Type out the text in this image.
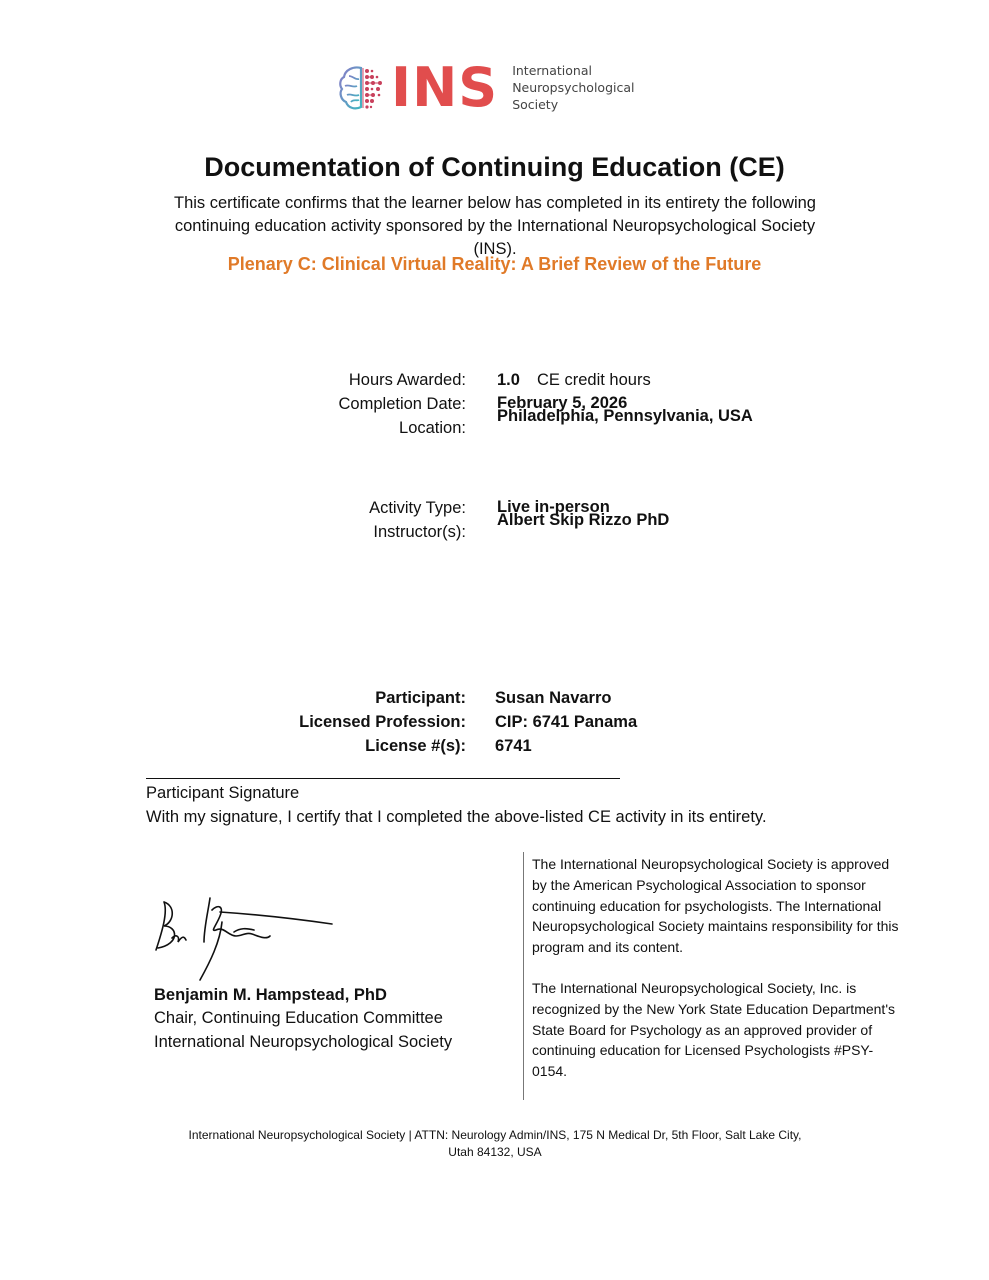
INS International
Neuropsychological
Society
Documentation of Continuing Education (CE)
This certificate confirms that the learner below has completed in its entirety the following continuing education activity sponsored by the International Neuropsychological Society (INS).
Plenary C: Clinical Virtual Reality: A Brief Review of the Future
Hours Awarded: 1.0 CE credit hours
Completion Date: February 5, 2026
Location:
Philadelphia, Pennsylvania, USA
Activity Type: Live in-person
Instructor(s):
Albert Skip Rizzo PhD
Participant: Susan Navarro
Licensed Profession: CIP: 6741 Panama
License #(s): 6741
Participant Signature
With my signature, I certify that I completed the above-listed CE activity in its entirety.
Benjamin M. Hampstead, PhD
Chair, Continuing Education Committee
International Neuropsychological Society

The International Neuropsychological Society is approved by the American Psychological Association to sponsor continuing education for psychologists. The International Neuropsychological Society maintains responsibility for this program and its content.

The International Neuropsychological Society, Inc. is recognized by the New York State Education Department's State Board for Psychology as an approved provider of continuing education for Licensed Psychologists #PSY-0154.

International Neuropsychological Society | ATTN: Neurology Admin/INS, 175 N Medical Dr, 5th Floor, Salt Lake City,
Utah 84132, USA
